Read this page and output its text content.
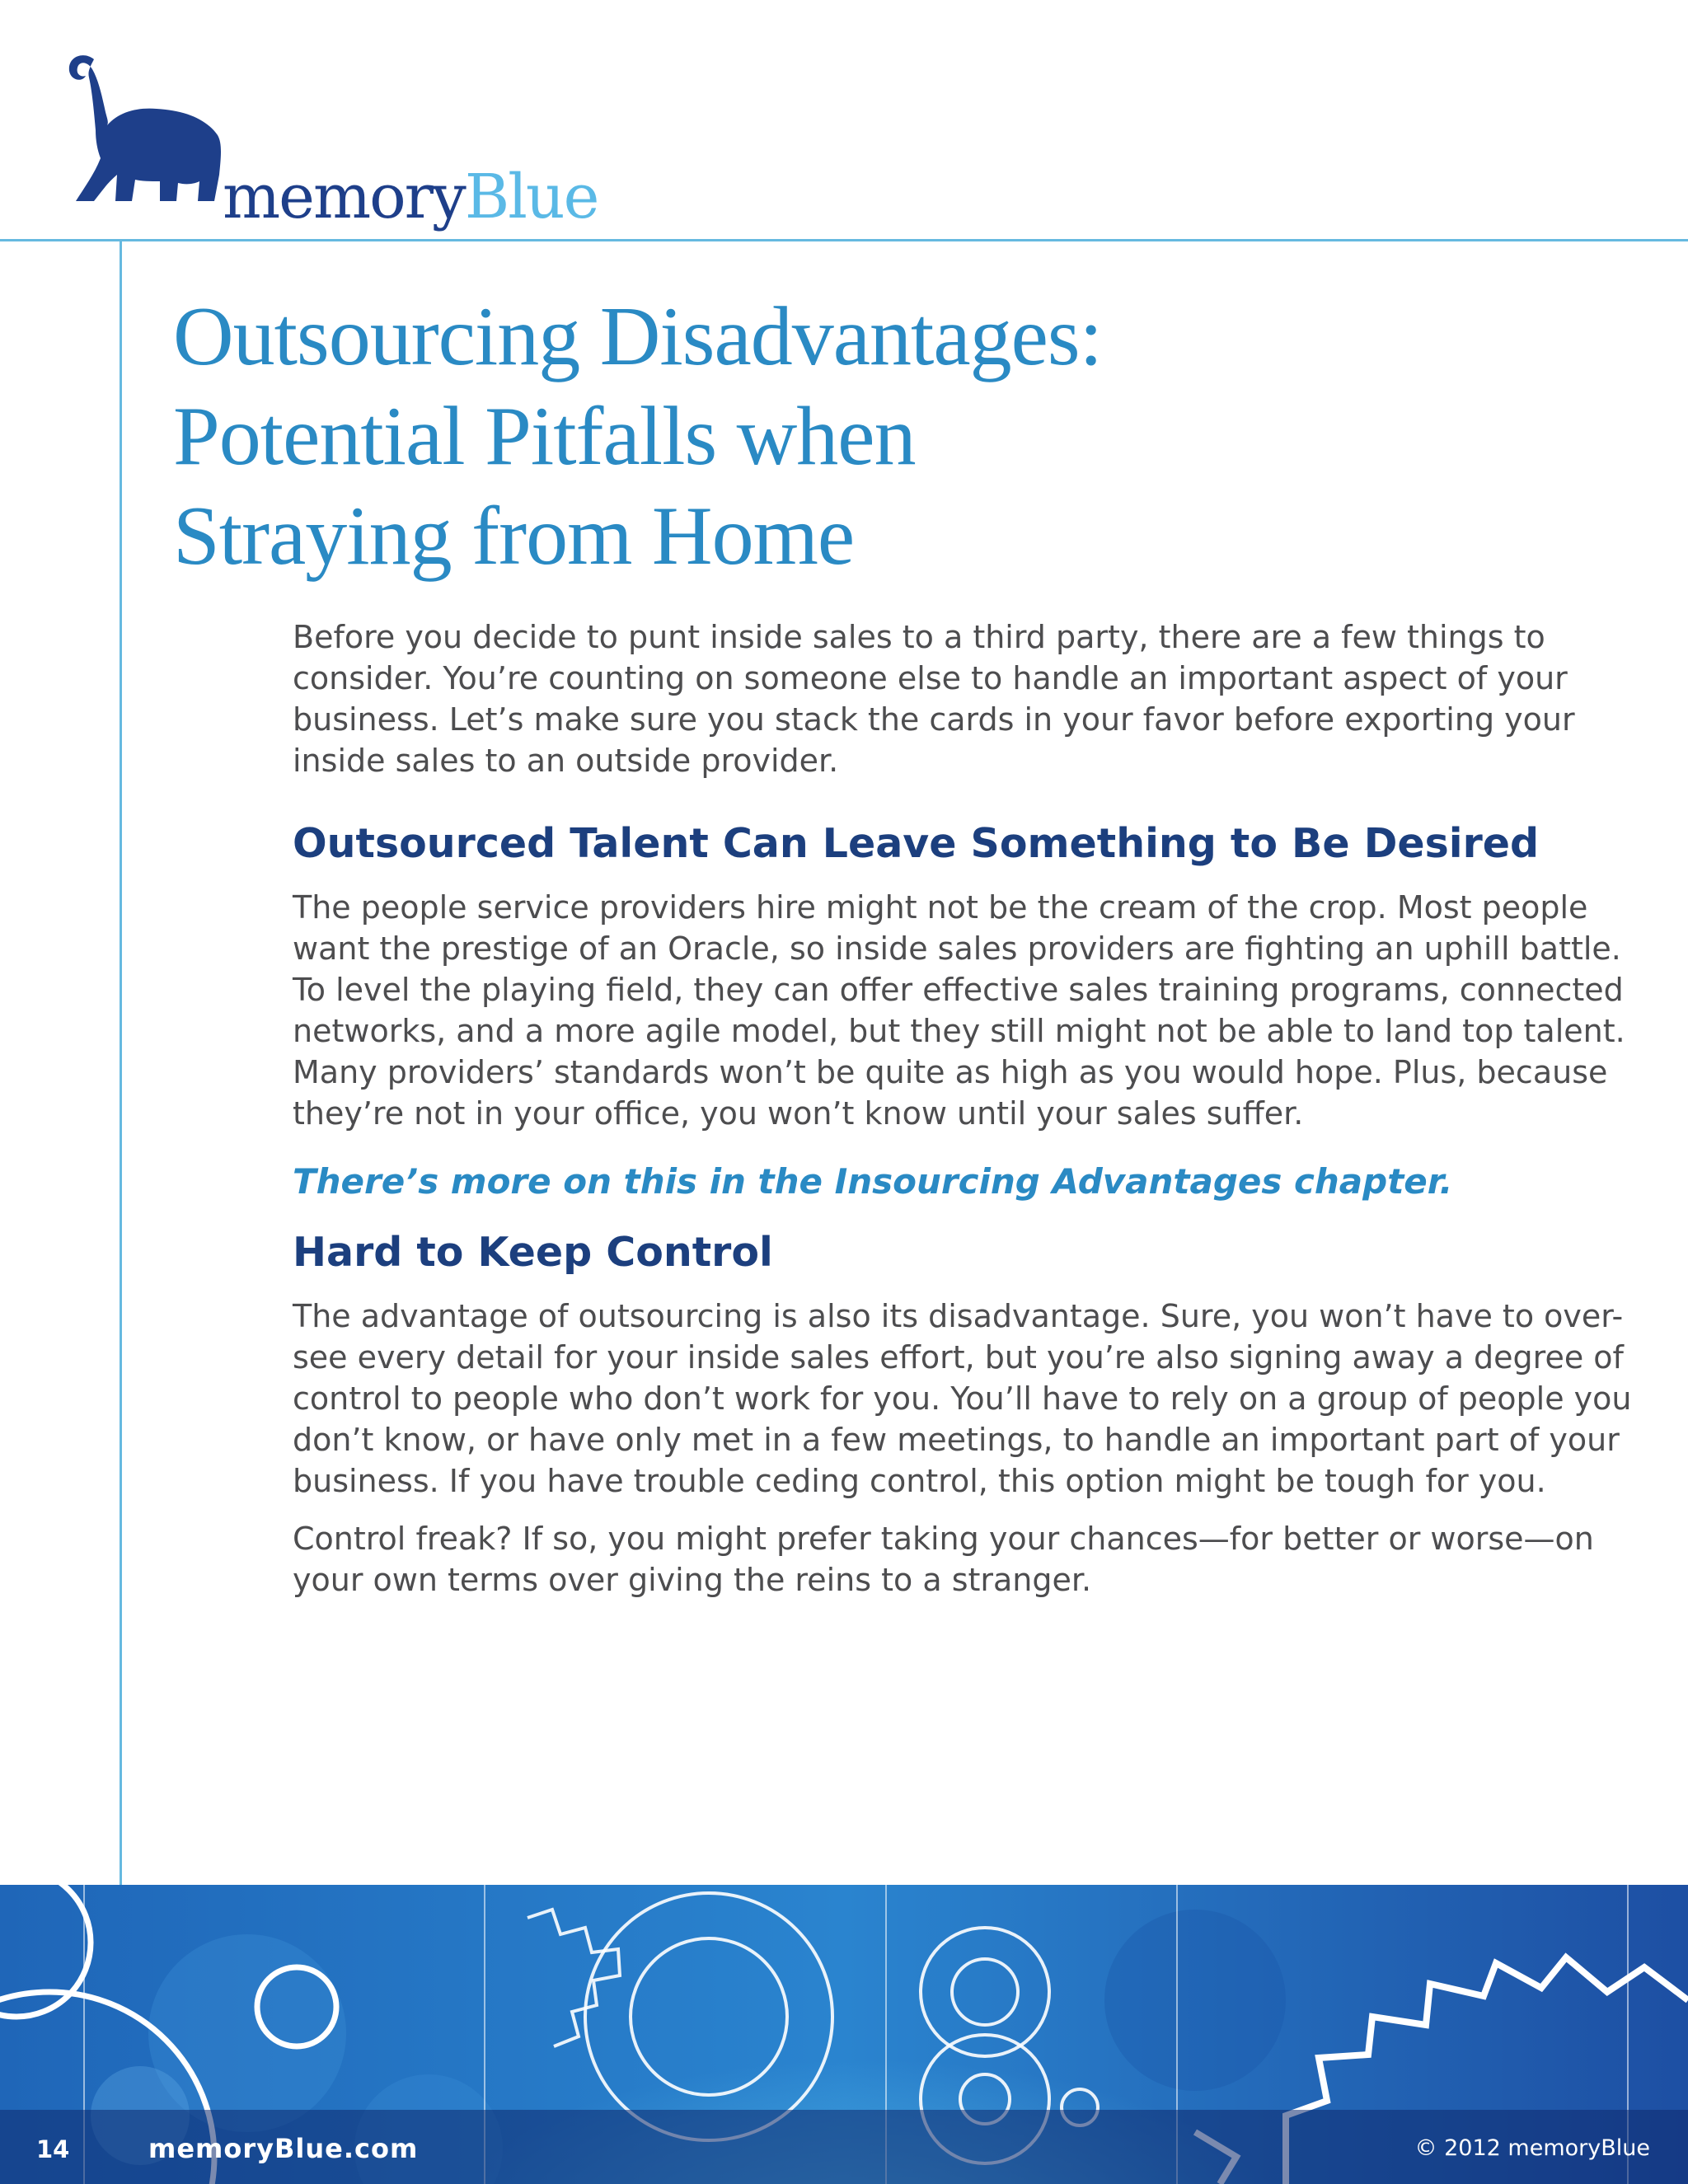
memoryBlue
Outsourcing Disadvantages:
Potential Pitfalls when
Straying from Home

Before you decide to punt inside sales to a third party, there are a few things to
consider. You’re counting on someone else to handle an important aspect of your
business. Let’s make sure you stack the cards in your favor before exporting your
inside sales to an outside provider.

Outsourced Talent Can Leave Something to Be Desired

The people service providers hire might not be the cream of the crop. Most people
want the prestige of an Oracle, so inside sales providers are fighting an uphill battle.
To level the playing field, they can offer effective sales training programs, connected
networks, and a more agile model, but they still might not be able to land top talent.
Many providers’ standards won’t be quite as high as you would hope. Plus, because
they’re not in your office, you won’t know until your sales suffer.

There’s more on this in the Insourcing Advantages chapter.
Hard to Keep Control

The advantage of outsourcing is also its disadvantage. Sure, you won’t have to over-
see every detail for your inside sales effort, but you’re also signing away a degree of
control to people who don’t work for you. You’ll have to rely on a group of people you
don’t know, or have only met in a few meetings, to handle an important part of your
business. If you have trouble ceding control, this option might be tough for you.

Control freak? If so, you might prefer taking your chances—for better or worse—on
your own terms over giving the reins to a stranger.

14	memoryBlue.com	© 2012 memoryBlue
